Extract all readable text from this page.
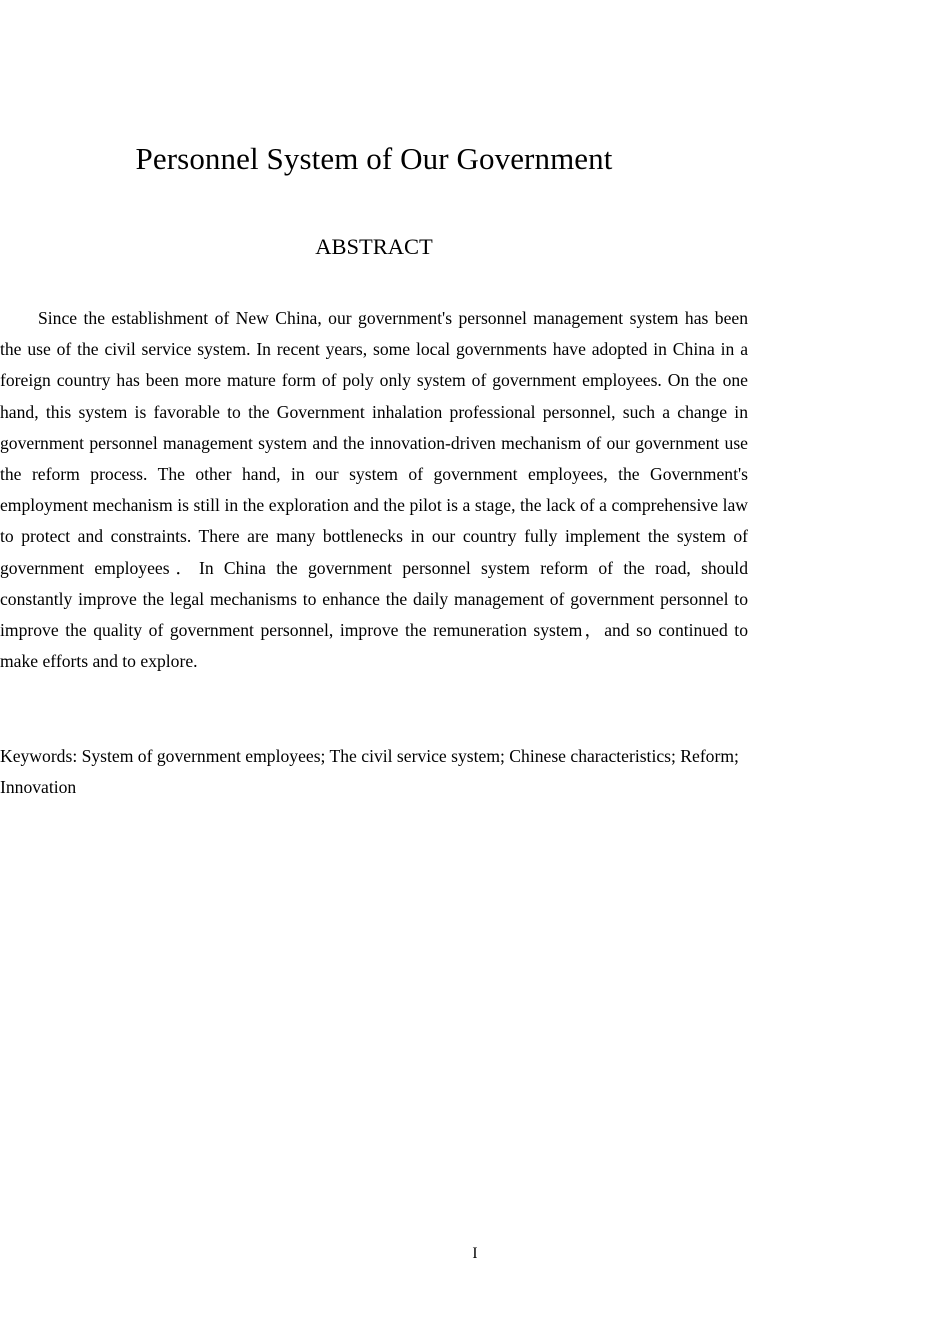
Personnel System of Our Government
ABSTRACT

Since the establishment of New China, our government's personnel management system has been the use of the civil service system. In recent years, some local governments have adopted in China in a foreign country has been more mature form of poly only system of government employees. On the one hand, this system is favorable to the Government inhalation professional personnel, such a change in government personnel management system and the innovation-driven mechanism of our government use the reform process. The other hand, in our system of government employees, the Government's employment mechanism is still in the exploration and the pilot is a stage, the lack of a comprehensive law to protect and constraints. There are many bottlenecks in our country fully implement the system of government employees．In China the government personnel system reform of the road, should constantly improve the legal mechanisms to enhance the daily management of government personnel to improve the quality of government personnel, improve the remuneration system，and so continued to make efforts and to explore.

Keywords: System of government employees; The civil service system; Chinese characteristics; Reform; Innovation

I
